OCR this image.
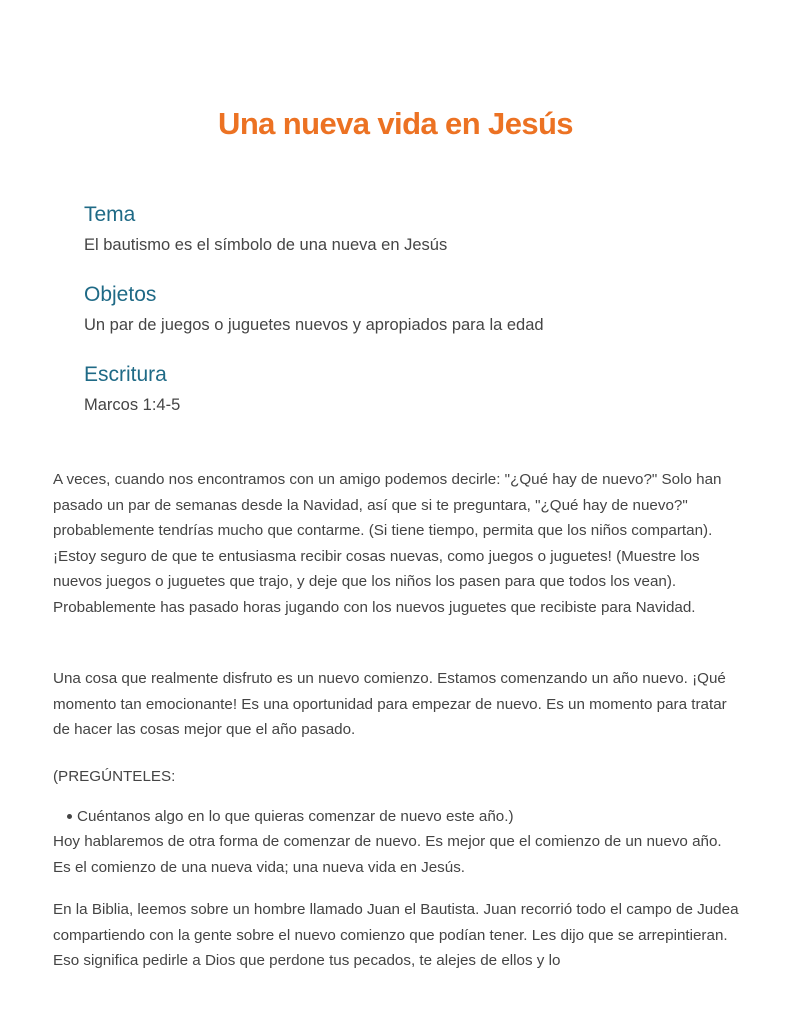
Una nueva vida en Jesús

Tema

El bautismo es el símbolo de una nueva en Jesús

Objetos

Un par de juegos o juguetes nuevos y apropiados para la edad

Escritura

Marcos 1:4-5

A veces, cuando nos encontramos con un amigo podemos decirle: "¿Qué hay de nuevo?" Solo han pasado un par de semanas desde la Navidad, así que si te preguntara, "¿Qué hay de nuevo?" probablemente tendrías mucho que contarme. (Si tiene tiempo, permita que los niños compartan). ¡Estoy seguro de que te entusiasma recibir cosas nuevas, como juegos o juguetes! (Muestre los nuevos juegos o juguetes que trajo, y deje que los niños los pasen para que todos los vean). Probablemente has pasado horas jugando con los nuevos juguetes que recibiste para Navidad.

Una cosa que realmente disfruto es un nuevo comienzo. Estamos comenzando un año nuevo. ¡Qué momento tan emocionante! Es una oportunidad para empezar de nuevo. Es un momento para tratar de hacer las cosas mejor que el año pasado.

(PREGÚNTELES:

Cuéntanos algo en lo que quieras comenzar de nuevo este año.)

Hoy hablaremos de otra forma de comenzar de nuevo. Es mejor que el comienzo de un nuevo año. Es el comienzo de una nueva vida; una nueva vida en Jesús.

En la Biblia, leemos sobre un hombre llamado Juan el Bautista. Juan recorrió todo el campo de Judea compartiendo con la gente sobre el nuevo comienzo que podían tener. Les dijo que se arrepintieran. Eso significa pedirle a Dios que perdone tus pecados, te alejes de ellos y lo
